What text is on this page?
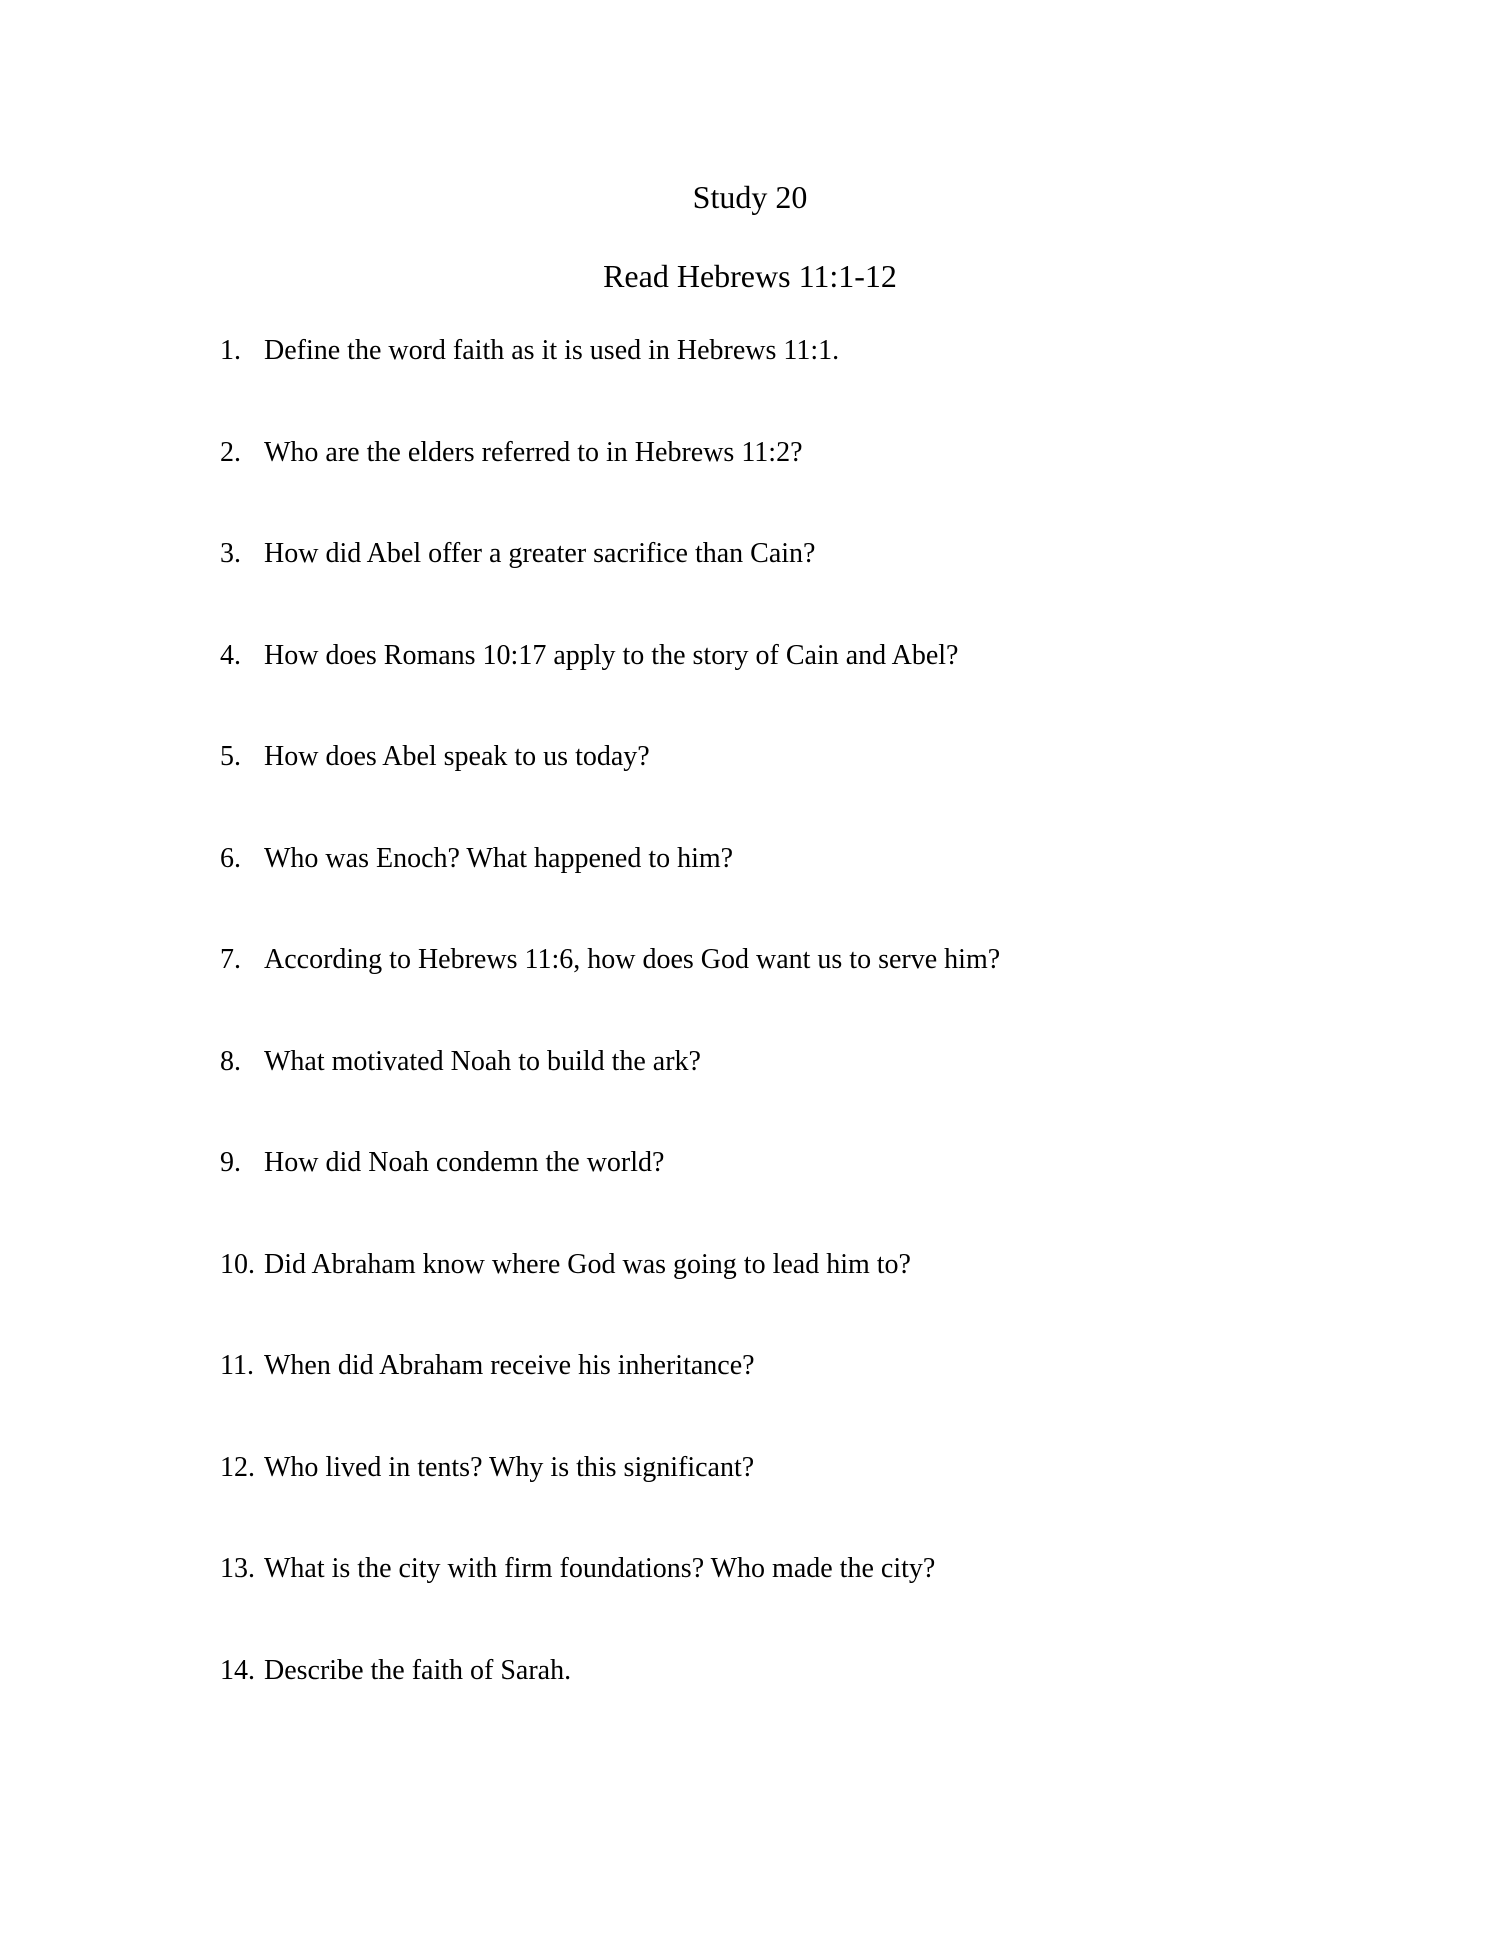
Study 20
Read Hebrews 11:1-12
1. Define the word faith as it is used in Hebrews 11:1.
2. Who are the elders referred to in Hebrews 11:2?
3. How did Abel offer a greater sacrifice than Cain?
4. How does Romans 10:17 apply to the story of Cain and Abel?
5. How does Abel speak to us today?
6. Who was Enoch? What happened to him?
7. According to Hebrews 11:6, how does God want us to serve him?
8. What motivated Noah to build the ark?
9. How did Noah condemn the world?
10. Did Abraham know where God was going to lead him to?
11. When did Abraham receive his inheritance?
12. Who lived in tents? Why is this significant?
13. What is the city with firm foundations? Who made the city?
14. Describe the faith of Sarah.
